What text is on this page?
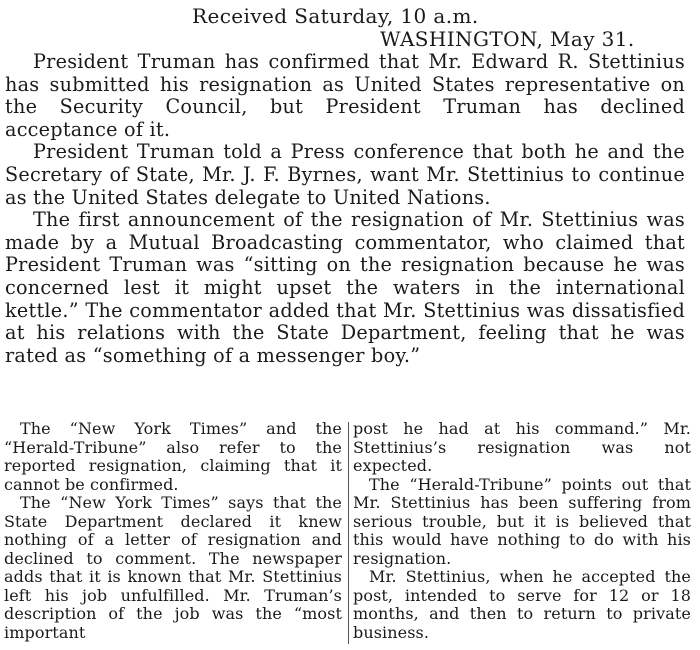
Received Saturday, 10 a.m.
WASHINGTON, May 31.

President Truman has confirmed that Mr. Edward R. Stettinius has submitted his resignation as United States representative on the Security Council, but President Truman has declined acceptance of it.

President Truman told a Press conference that both he and the Secretary of State, Mr. J. F. Byrnes, want Mr. Stettinius to continue as the United States delegate to United Nations.

The first announcement of the resignation of Mr. Stettinius was made by a Mutual Broadcasting commentator, who claimed that President Truman was “sitting on the resignation because he was concerned lest it might upset the waters in the international kettle.” The commentator added that Mr. Stettinius was dissatisfied at his relations with the State Department, feeling that he was rated as “something of a messenger boy.”

The “New York Times” and the “Herald-Tribune” also refer to the reported resignation, claiming that it cannot be confirmed.

The “New York Times” says that the State Department declared it knew nothing of a letter of resignation and declined to comment. The newspaper adds that it is known that Mr. Stettinius left his job unfulfilled. Mr. Truman’s description of the job was the “most important

post he had at his command.” Mr. Stettinius’s resignation was not expected.

The “Herald-Tribune” points out that Mr. Stettinius has been suffering from serious trouble, but it is believed that this would have nothing to do with his resignation.

Mr. Stettinius, when he accepted the post, intended to serve for 12 or 18 months, and then to return to private business.
